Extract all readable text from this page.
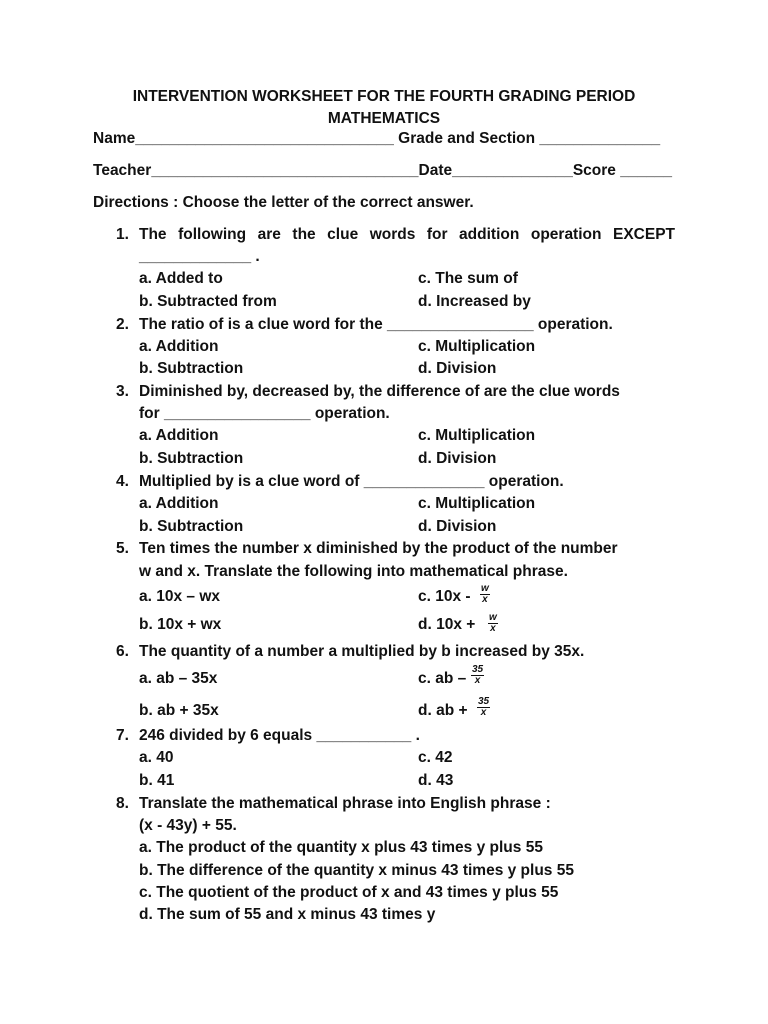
INTERVENTION WORKSHEET FOR THE FOURTH GRADING PERIOD
MATHEMATICS
Name______________________________ Grade and Section ______________
Teacher_______________________________Date______________Score ______
Directions : Choose the letter of the correct answer.
1. The following are the clue words for addition operation EXCEPT
_____________ .
a. Added to	c. The sum of
b. Subtracted from	d. Increased by
2. The ratio of is a clue word for the _________________ operation.
a. Addition	c. Multiplication
b. Subtraction	d. Division
3. Diminished by, decreased by, the difference of are the clue words
for _________________ operation.
a. Addition	c. Multiplication
b. Subtraction	d. Division
4. Multiplied by is a clue word of ______________ operation.
a. Addition	c. Multiplication
b. Subtraction	d. Division
5. Ten times the number x diminished by the product of the number
w and x. Translate the following into mathematical phrase.
a. 10x – wx	c. $10x - \frac{w}{x}$
b. 10x + wx	d. $10x + \frac{w}{x}$
6. The quantity of a number a multiplied by b increased by 35x.
a. ab – 35x	c. ab – $\frac{35}{x}$
b. ab + 35x	d. ab + $\frac{35}{x}$
7. 246 divided by 6 equals ___________ .
a. 40	c. 42
b. 41	d. 43
8. Translate the mathematical phrase into English phrase :
(x - 43y) + 55.
a. The product of the quantity x plus 43 times y plus 55
b. The difference of the quantity x minus 43 times y plus 55
c. The quotient of the product of x and 43 times y plus 55
d. The sum of 55 and x minus 43 times y
